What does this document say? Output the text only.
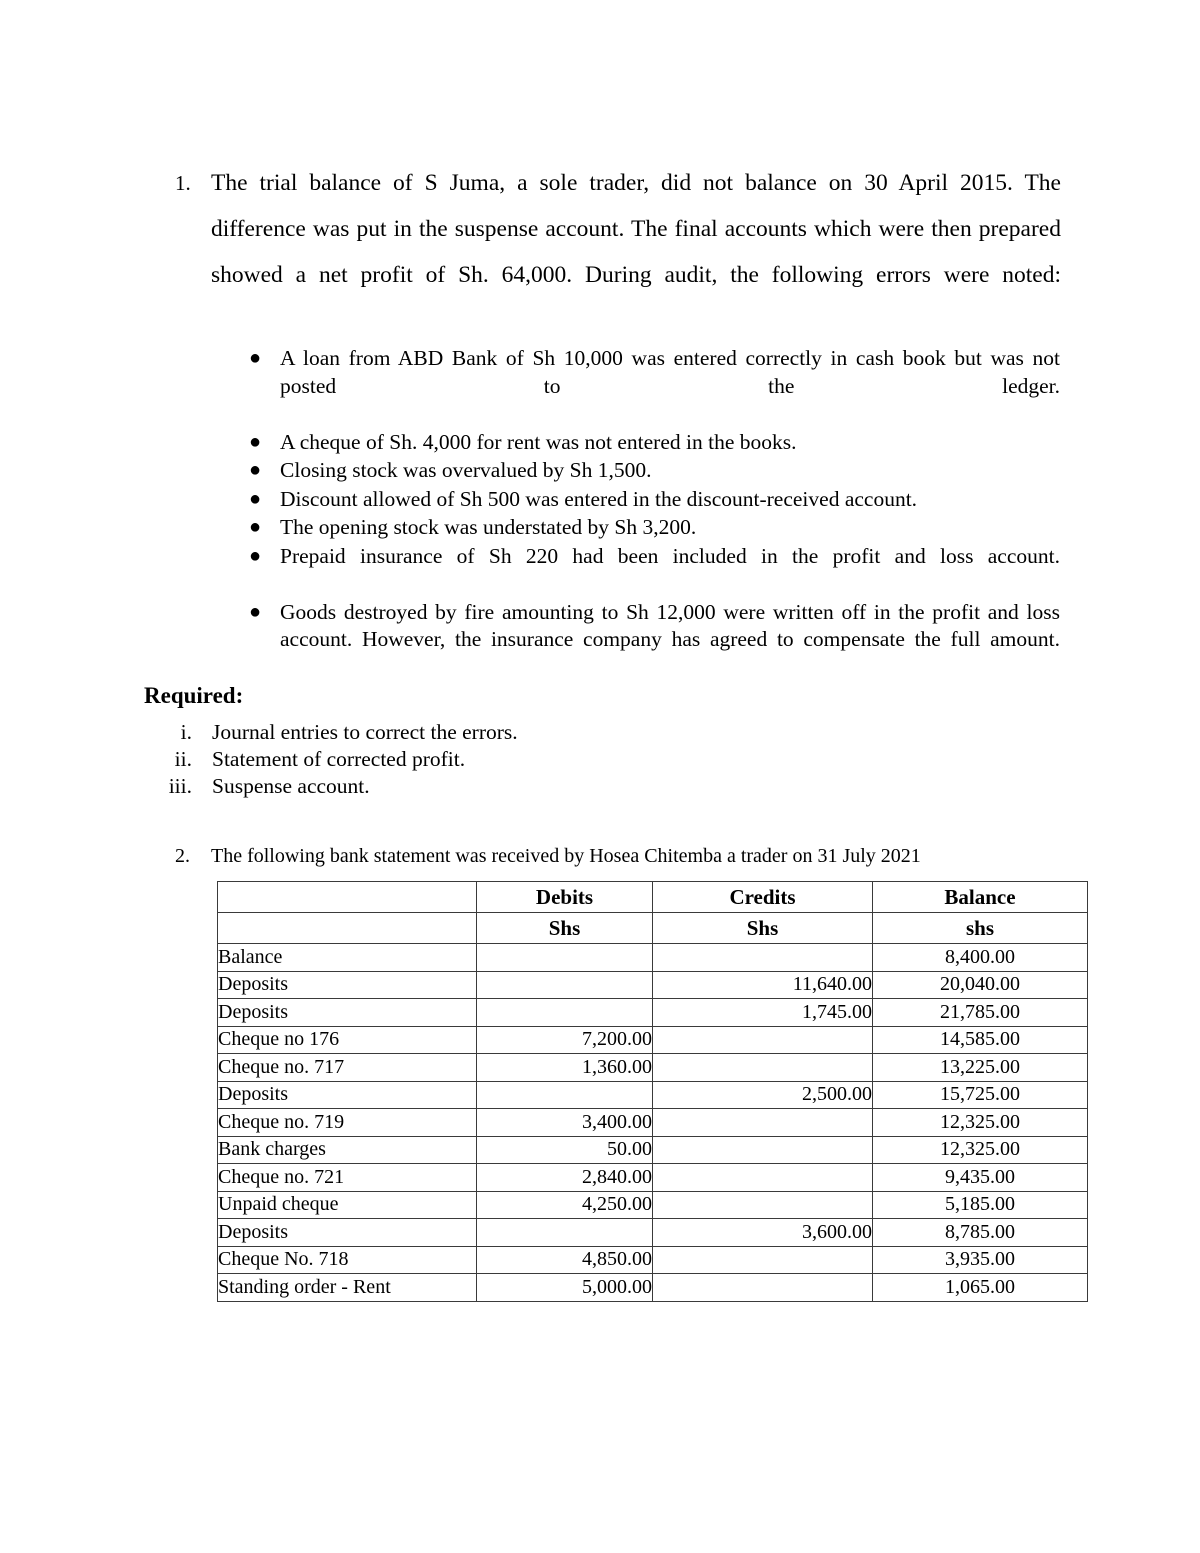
1. The trial balance of S Juma, a sole trader, did not balance on 30 April 2015. The difference was put in the suspense account. The final accounts which were then prepared showed a net profit of Sh. 64,000. During audit, the following errors were noted:
● A loan from ABD Bank of Sh 10,000 was entered correctly in cash book but was not posted to the ledger.
● A cheque of Sh. 4,000 for rent was not entered in the books.
● Closing stock was overvalued by Sh 1,500.
● Discount allowed of Sh 500 was entered in the discount-received account.
● The opening stock was understated by Sh 3,200.
● Prepaid insurance of Sh 220 had been included in the profit and loss account.
● Goods destroyed by fire amounting to Sh 12,000 were written off in the profit and loss account. However, the insurance company has agreed to compensate the full amount.
Required:
i. Journal entries to correct the errors.
ii. Statement of corrected profit.
iii. Suspense account.
2.	The following bank statement was received by Hosea Chitemba a trader on 31 July 2021
	Debits	Credits	Balance
	Shs	Shs	shs
Balance			8,400.00
Deposits		11,640.00	20,040.00
Deposits		1,745.00	21,785.00
Cheque no 176	7,200.00		14,585.00
Cheque no. 717	1,360.00		13,225.00
Deposits		2,500.00	15,725.00
Cheque no. 719	3,400.00		12,325.00
Bank charges	50.00		12,325.00
Cheque no. 721	2,840.00		9,435.00
Unpaid cheque	4,250.00		5,185.00
Deposits		3,600.00	8,785.00
Cheque No. 718	4,850.00		3,935.00
Standing order - Rent	5,000.00		1,065.00
